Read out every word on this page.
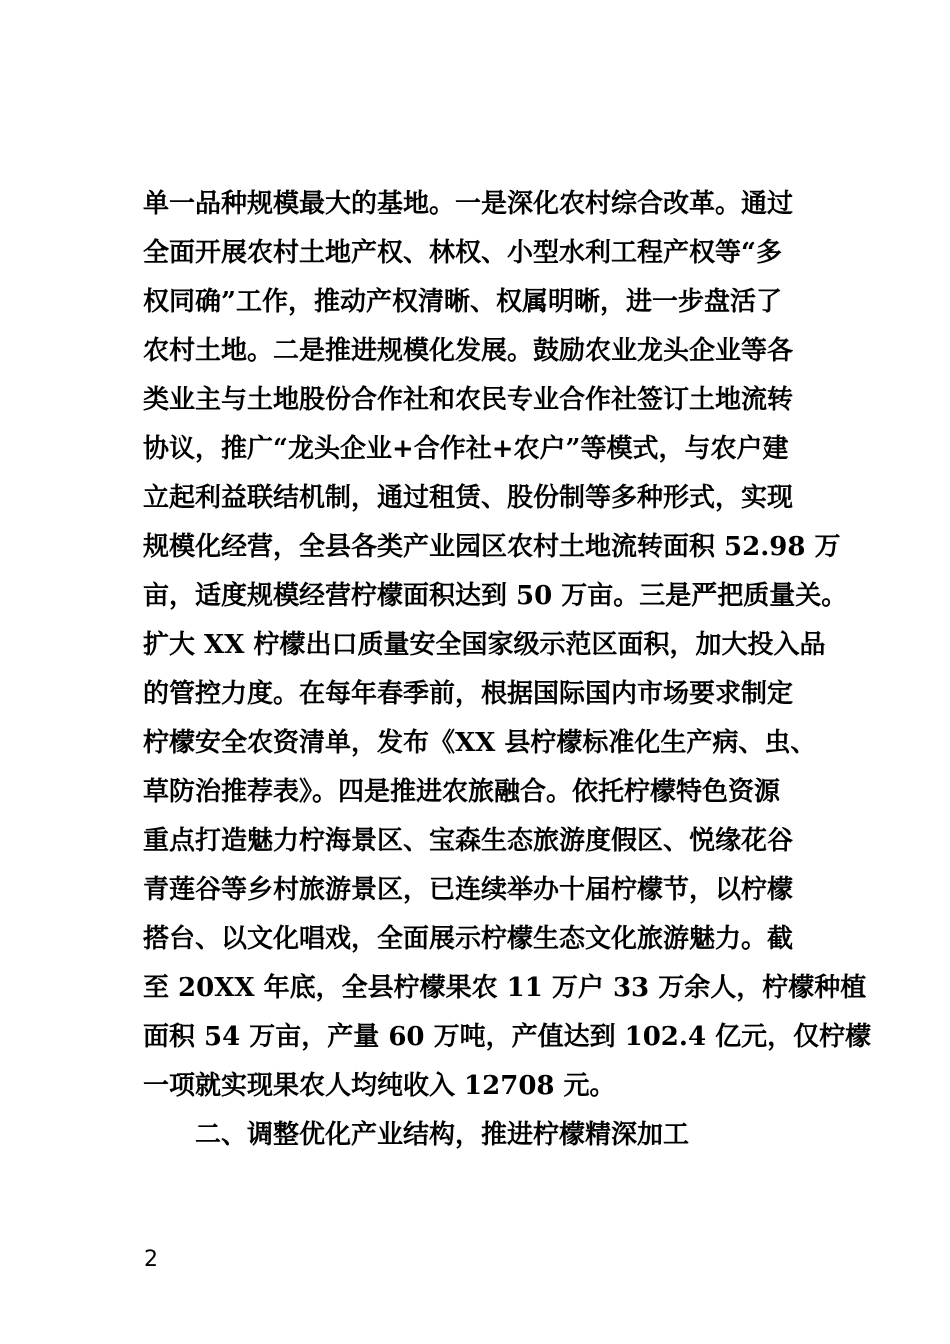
单一品种规模最大的基地。一是深化农村综合改革。通过
全面开展农村土地产权、林权、小型水利工程产权等“多
权同确”工作，推动产权清晰、权属明晰，进一步盘活了
农村土地。二是推进规模化发展。鼓励农业龙头企业等各
类业主与土地股份合作社和农民专业合作社签订土地流转
协议，推广“龙头企业+合作社+农户”等模式，与农户建
立起利益联结机制，通过租赁、股份制等多种形式，实现
规模化经营，全县各类产业园区农村土地流转面积 52.98 万
亩，适度规模经营柠檬面积达到 50 万亩。三是严把质量关。
扩大 XX 柠檬出口质量安全国家级示范区面积，加大投入品
的管控力度。在每年春季前，根据国际国内市场要求制定
柠檬安全农资清单，发布《XX 县柠檬标准化生产病、虫、
草防治推荐表》。四是推进农旅融合。依托柠檬特色资源
重点打造魅力柠海景区、宝森生态旅游度假区、悦缘花谷
青莲谷等乡村旅游景区，已连续举办十届柠檬节，以柠檬
搭台、以文化唱戏，全面展示柠檬生态文化旅游魅力。截
至 20XX 年底，全县柠檬果农 11 万户 33 万余人，柠檬种植
面积 54 万亩，产量 60 万吨，产值达到 102.4 亿元，仅柠檬
一项就实现果农人均纯收入 12708 元。
二、调整优化产业结构，推进柠檬精深加工
2
